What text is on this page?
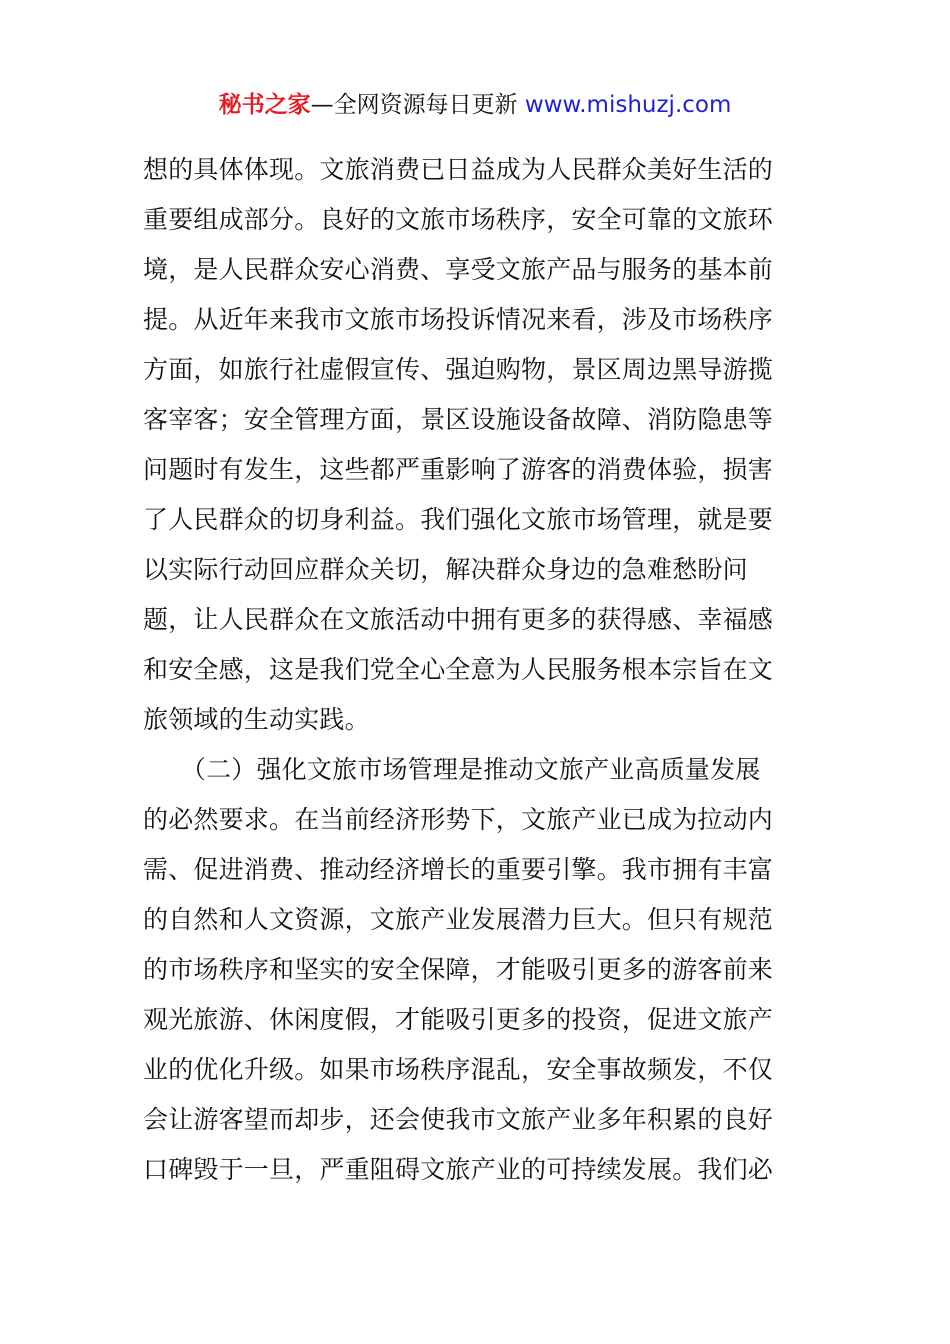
秘书之家—全网资源每日更新 www.mishuzj.com
想的具体体现。文旅消费已日益成为人民群众美好生活的
重要组成部分。良好的文旅市场秩序，安全可靠的文旅环
境，是人民群众安心消费、享受文旅产品与服务的基本前
提。从近年来我市文旅市场投诉情况来看，涉及市场秩序
方面，如旅行社虚假宣传、强迫购物，景区周边黑导游揽
客宰客；安全管理方面，景区设施设备故障、消防隐患等
问题时有发生，这些都严重影响了游客的消费体验，损害
了人民群众的切身利益。我们强化文旅市场管理，就是要
以实际行动回应群众关切，解决群众身边的急难愁盼问
题，让人民群众在文旅活动中拥有更多的获得感、幸福感
和安全感，这是我们党全心全意为人民服务根本宗旨在文
旅领域的生动实践。
　　（二）强化文旅市场管理是推动文旅产业高质量发展
的必然要求。在当前经济形势下，文旅产业已成为拉动内
需、促进消费、推动经济增长的重要引擎。我市拥有丰富
的自然和人文资源，文旅产业发展潜力巨大。但只有规范
的市场秩序和坚实的安全保障，才能吸引更多的游客前来
观光旅游、休闲度假，才能吸引更多的投资，促进文旅产
业的优化升级。如果市场秩序混乱，安全事故频发，不仅
会让游客望而却步，还会使我市文旅产业多年积累的良好
口碑毁于一旦，严重阻碍文旅产业的可持续发展。我们必
